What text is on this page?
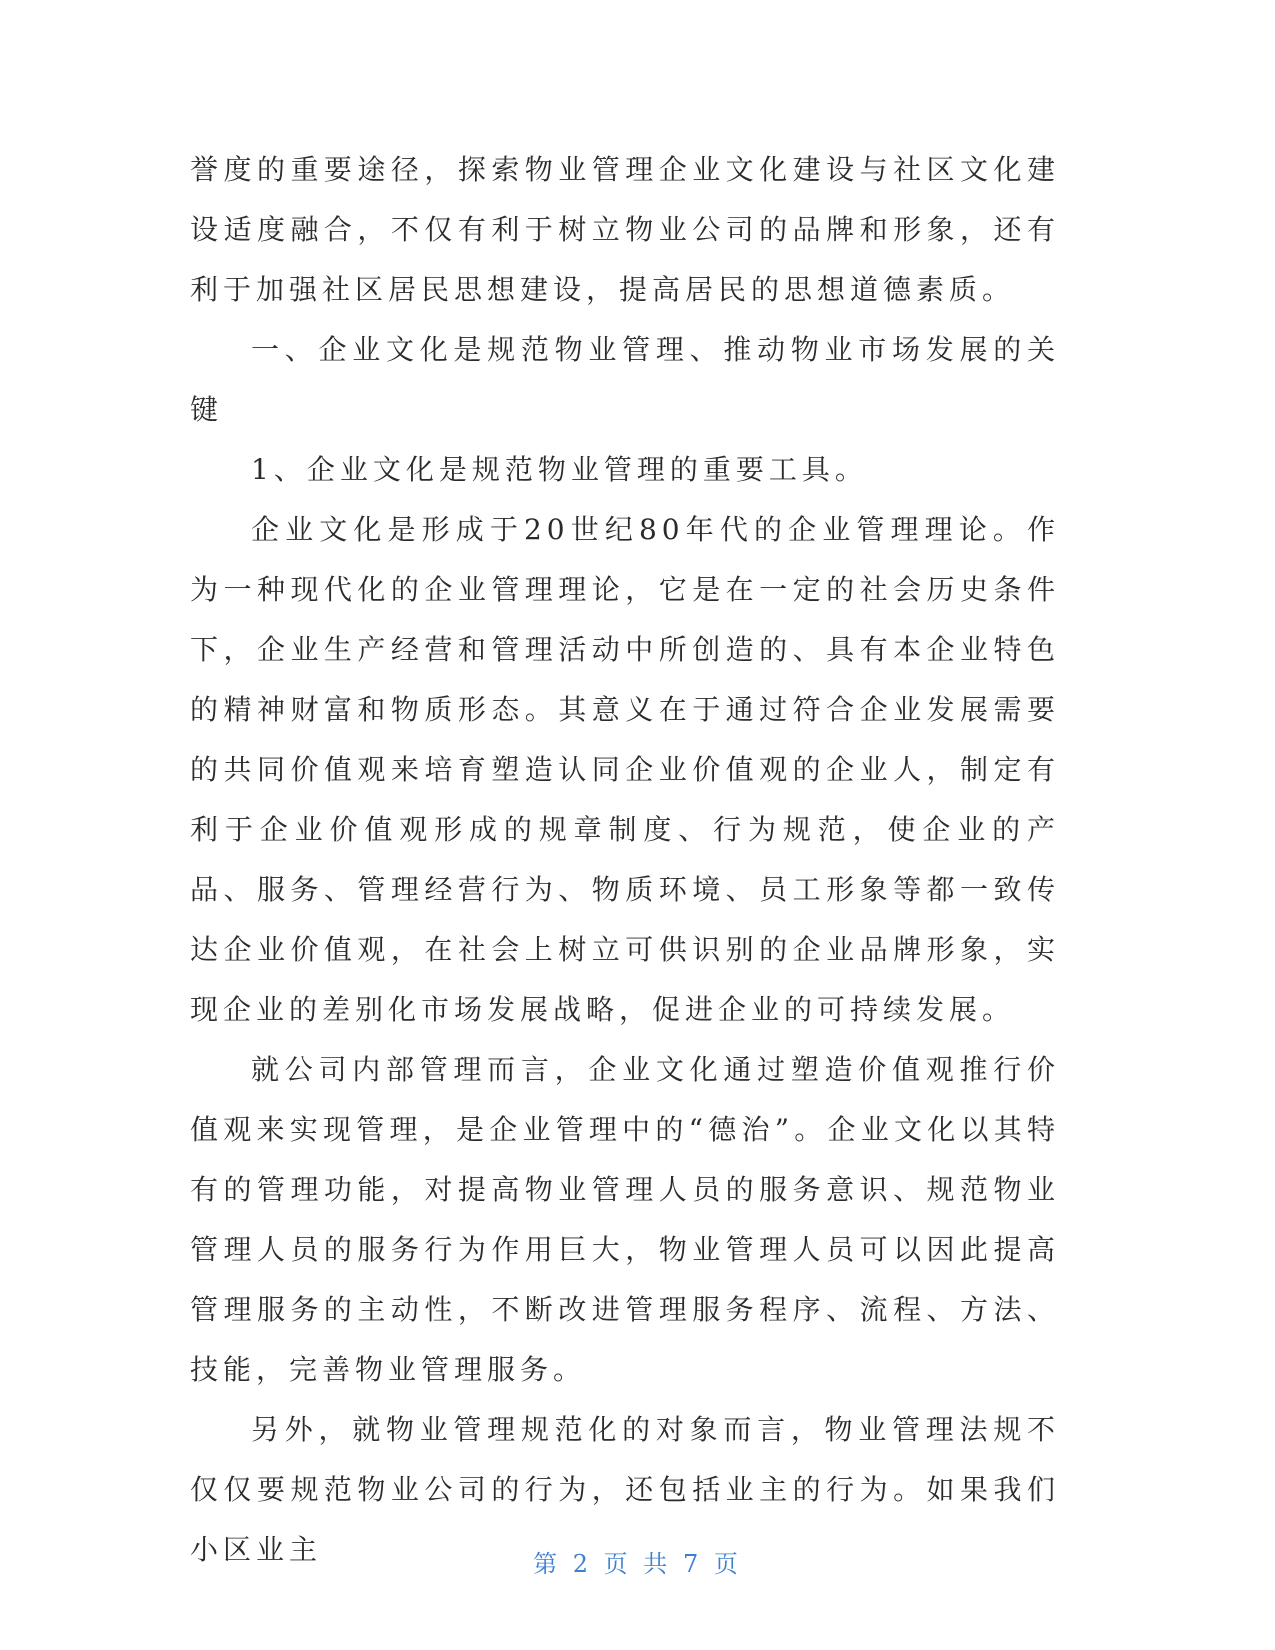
誉度的重要途径，探索物业管理企业文化建设与社区文化建设适度融合，不仅有利于树立物业公司的品牌和形象，还有利于加强社区居民思想建设，提高居民的思想道德素质。

一、企业文化是规范物业管理、推动物业市场发展的关键

1、企业文化是规范物业管理的重要工具。

企业文化是形成于20世纪80年代的企业管理理论。作为一种现代化的企业管理理论，它是在一定的社会历史条件下，企业生产经营和管理活动中所创造的、具有本企业特色的精神财富和物质形态。其意义在于通过符合企业发展需要的共同价值观来培育塑造认同企业价值观的企业人，制定有利于企业价值观形成的规章制度、行为规范，使企业的产品、服务、管理经营行为、物质环境、员工形象等都一致传达企业价值观，在社会上树立可供识别的企业品牌形象，实现企业的差别化市场发展战略，促进企业的可持续发展。

就公司内部管理而言，企业文化通过塑造价值观推行价值观来实现管理，是企业管理中的“德治”。企业文化以其特有的管理功能，对提高物业管理人员的服务意识、规范物业管理人员的服务行为作用巨大，物业管理人员可以因此提高管理服务的主动性，不断改进管理服务程序、流程、方法、技能，完善物业管理服务。

另外，就物业管理规范化的对象而言，物业管理法规不仅仅要规范物业公司的行为，还包括业主的行为。如果我们小区业主	第 2 页 共 7 页
